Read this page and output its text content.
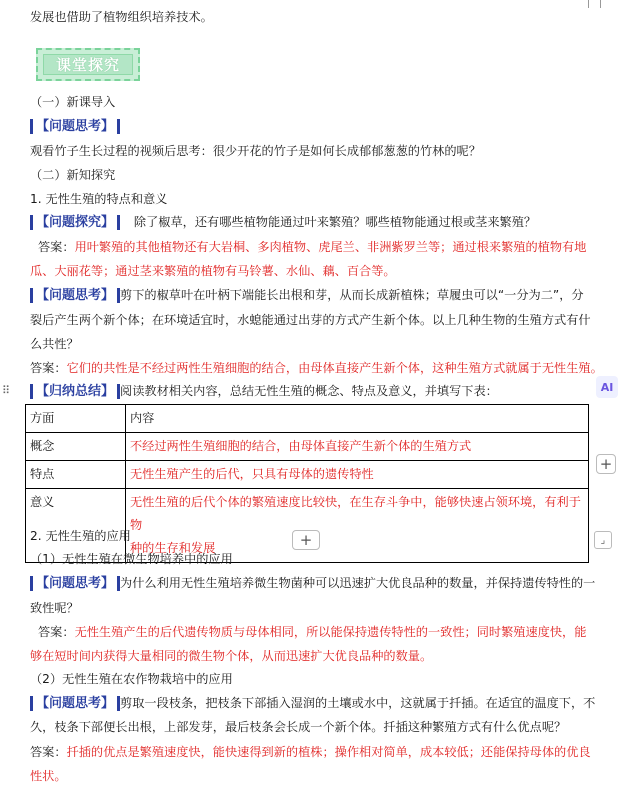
发展也借助了植物组织培养技术。
课堂探究
（一）新课导入
【问题思考】
观看竹子生长过程的视频后思考：很少开花的竹子是如何长成郁郁葱葱的竹林的呢？
（二）新知探究
1. 无性生殖的特点和意义
【问题探究】 除了椒草，还有哪些植物能通过叶来繁殖？哪些植物能通过根或茎来繁殖？
答案：用叶繁殖的其他植物还有大岩桐、多肉植物、虎尾兰、非洲紫罗兰等；通过根来繁殖的植物有地
瓜、大丽花等；通过茎来繁殖的植物有马铃薯、水仙、藕、百合等。
【问题思考】 剪下的椒草叶在叶柄下端能长出根和芽，从而长成新植株；草履虫可以“一分为二”，分
裂后产生两个新个体；在环境适宜时，水螅能通过出芽的方式产生新个体。以上几种生物的生殖方式有什
么共性？
答案：它们的共性是不经过两性生殖细胞的结合，由母体直接产生新个体，这种生殖方式就属于无性生殖。
【归纳总结】 阅读教材相关内容，总结无性生殖的概念、特点及意义，并填写下表：
方面	内容
概念	不经过两性生殖细胞的结合，由母体直接产生新个体的生殖方式
特点	无性生殖产生的后代，只具有母体的遗传特性
意义	无性生殖的后代个体的繁殖速度比较快，在生存斗争中，能够快速占领环境，有利于物
种的生存和发展
2. 无性生殖的应用
（1）无性生殖在微生物培养中的应用
【问题思考】 为什么利用无性生殖培养微生物菌种可以迅速扩大优良品种的数量，并保持遗传特性的一
致性呢？
答案：无性生殖产生的后代遗传物质与母体相同，所以能保持遗传特性的一致性；同时繁殖速度快，能
够在短时间内获得大量相同的微生物个体，从而迅速扩大优良品种的数量。
（2）无性生殖在农作物栽培中的应用
【问题思考】 剪取一段枝条，把枝条下部插入湿润的土壤或水中，这就属于扦插。在适宜的温度下，不
久，枝条下部便长出根，上部发芽，最后枝条会长成一个新个体。扦插这种繁殖方式有什么优点呢？
答案：扦插的优点是繁殖速度快，能快速得到新的植株；操作相对简单，成本较低；还能保持母体的优良
性状。
⠿	AI
+
+	⌟
